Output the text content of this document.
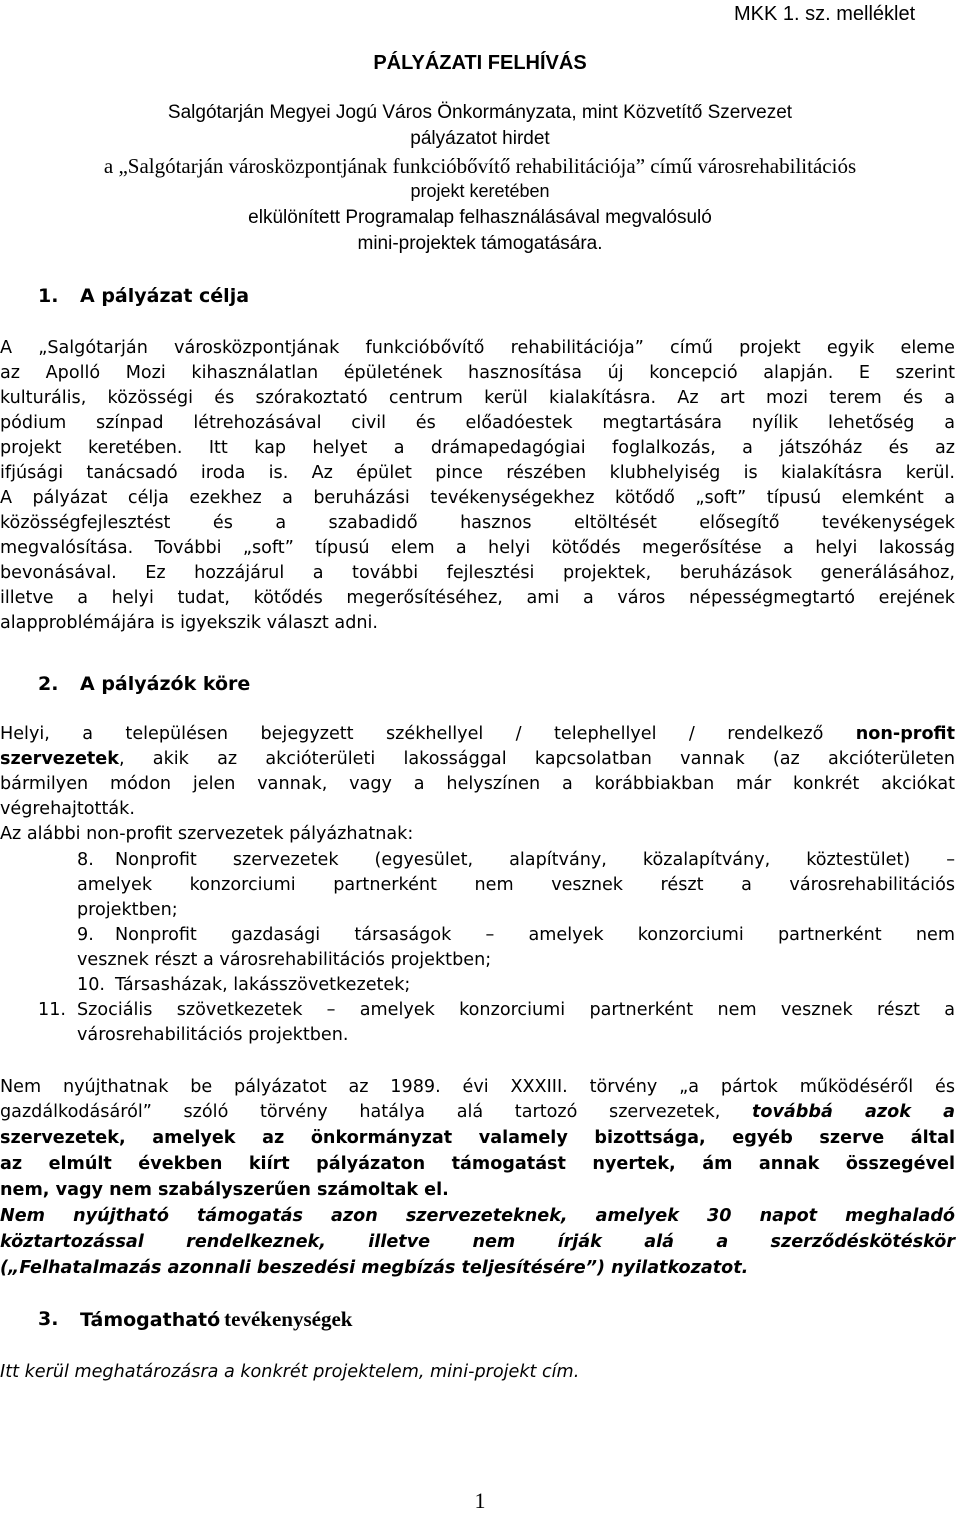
MKK 1. sz. melléklet
PÁLYÁZATI FELHÍVÁS
Salgótarján Megyei Jogú Város Önkormányzata, mint Közvetítő Szervezet
pályázatot hirdet
a „Salgótarján városközpontjának funkcióbővítő rehabilitációja” című városrehabilitációs
projekt keretében
elkülönített Programalap felhasználásával megvalósuló
mini-projektek támogatására.
1. A pályázat célja
A „Salgótarján városközpontjának funkcióbővítő rehabilitációja” című projekt egyik eleme
az Apolló Mozi kihasználatlan épületének hasznosítása új koncepció alapján. E szerint
kulturális, közösségi és szórakoztató centrum kerül kialakításra. Az art mozi terem és a
pódium színpad létrehozásával civil és előadóestek megtartására nyílik lehetőség a
projekt keretében. Itt kap helyet a drámapedagógiai foglalkozás, a játszóház és az
ifjúsági tanácsadó iroda is. Az épület pince részében klubhelyiség is kialakításra kerül.
A pályázat célja ezekhez a beruházási tevékenységekhez kötődő „soft” típusú elemként a
közösségfejlesztést és a szabadidő hasznos eltöltését elősegítő tevékenységek
megvalósítása. További „soft” típusú elem a helyi kötődés megerősítése a helyi lakosság
bevonásával. Ez hozzájárul a további fejlesztési projektek, beruházások generálásához,
illetve a helyi tudat, kötődés megerősítéséhez, ami a város népességmegtartó erejének
alapproblémájára is igyekszik választ adni.
2. A pályázók köre
Helyi, a településen bejegyzett székhellyel / telephellyel / rendelkező non-profit
szervezetek, akik az akcióterületi lakossággal kapcsolatban vannak (az akcióterületen
bármilyen módon jelen vannak, vagy a helyszínen a korábbiakban már konkrét akciókat
végrehajtották.
Az alábbi non-profit szervezetek pályázhatnak:
8. Nonprofit szervezetek (egyesület, alapítvány, közalapítvány, köztestület) –
amelyek konzorciumi partnerként nem vesznek részt a városrehabilitációs
projektben;
9. Nonprofit gazdasági társaságok – amelyek konzorciumi partnerként nem
vesznek részt a városrehabilitációs projektben;
10. Társasházak, lakásszövetkezetek;
11. Szociális szövetkezetek – amelyek konzorciumi partnerként nem vesznek részt a
városrehabilitációs projektben.
Nem nyújthatnak be pályázatot az 1989. évi XXXIII. törvény „a pártok működéséről és
gazdálkodásáról” szóló törvény hatálya alá tartozó szervezetek, továbbá azok a
szervezetek, amelyek az önkormányzat valamely bizottsága, egyéb szerve által
az elmúlt években kiírt pályázaton támogatást nyertek, ám annak összegével
nem, vagy nem szabályszerűen számoltak el.
Nem nyújtható támogatás azon szervezeteknek, amelyek 30 napot meghaladó
köztartozással rendelkeznek, illetve nem írják alá a szerződéskötéskör
(„Felhatalmazás azonnali beszedési megbízás teljesítésére”) nyilatkozatot.
3. Támogatható tevékenységek
Itt kerül meghatározásra a konkrét projektelem, mini-projekt cím.
1
